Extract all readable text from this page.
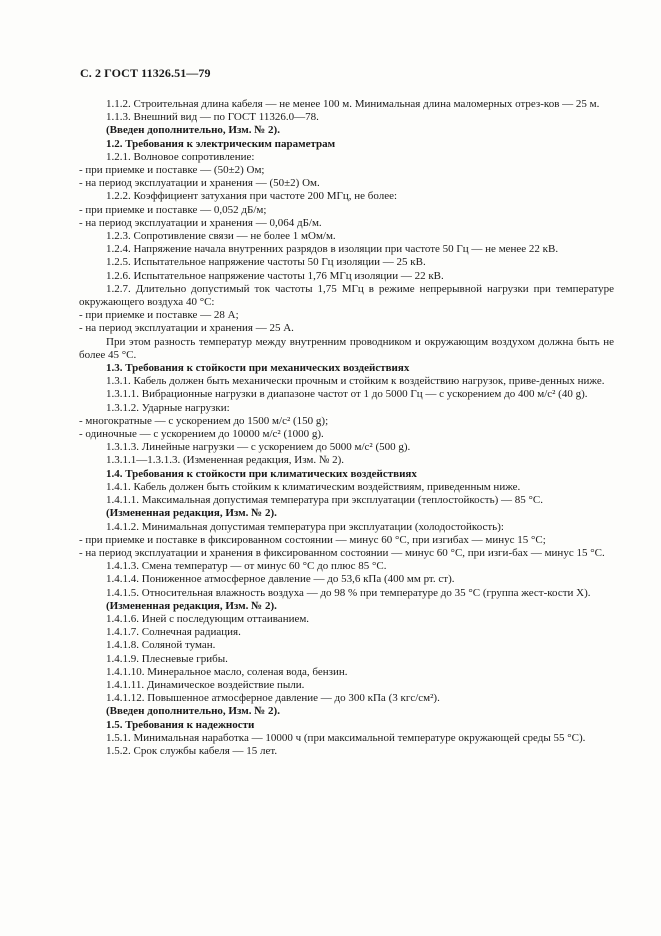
С. 2 ГОСТ 11326.51—79

1.1.2. Строительная длина кабеля — не менее 100 м. Минимальная длина маломерных отрез-ков — 25 м.

1.1.3. Внешний вид — по ГОСТ 11326.0—78.

(Введен дополнительно, Изм. № 2).

1.2. Требования к электрическим параметрам

1.2.1. Волновое сопротивление:

- при приемке и поставке — (50±2) Ом;

- на период эксплуатации и хранения — (50±2) Ом.

1.2.2. Коэффициент затухания при частоте 200 МГц, не более:

- при приемке и поставке — 0,052 дБ/м;

- на период эксплуатации и хранения — 0,064 дБ/м.

1.2.3. Сопротивление связи — не более 1 мОм/м.

1.2.4. Напряжение начала внутренних разрядов в изоляции при частоте 50 Гц — не менее 22 кВ.

1.2.5. Испытательное напряжение частоты 50 Гц изоляции — 25 кВ.

1.2.6. Испытательное напряжение частоты 1,76 МГц изоляции — 22 кВ.

1.2.7. Длительно допустимый ток частоты 1,75 МГц в режиме непрерывной нагрузки при температуре окружающего воздуха 40 °С:

- при приемке и поставке — 28 А;

- на период эксплуатации и хранения — 25 А.

При этом разность температур между внутренним проводником и окружающим воздухом должна быть не более 45 °С.

1.3. Требования к стойкости при механических воздействиях

1.3.1. Кабель должен быть механически прочным и стойким к воздействию нагрузок, приве-денных ниже.

1.3.1.1. Вибрационные нагрузки в диапазоне частот от 1 до 5000 Гц — с ускорением до 400 м/с² (40 g).

1.3.1.2. Ударные нагрузки:

- многократные — с ускорением до 1500 м/с² (150 g);

- одиночные — с ускорением до 10000 м/с² (1000 g).

1.3.1.3. Линейные нагрузки — с ускорением до 5000 м/с² (500 g).

1.3.1.1—1.3.1.3. (Измененная редакция, Изм. № 2).

1.4. Требования к стойкости при климатических воздействиях

1.4.1. Кабель должен быть стойким к климатическим воздействиям, приведенным ниже.

1.4.1.1. Максимальная допустимая температура при эксплуатации (теплостойкость) — 85 °С.

(Измененная редакция, Изм. № 2).

1.4.1.2. Минимальная допустимая температура при эксплуатации (холодостойкость):

- при приемке и поставке в фиксированном состоянии — минус 60 °С, при изгибах — минус 15 °С;

- на период эксплуатации и хранения в фиксированном состоянии — минус 60 °С, при изги-бах — минус 15 °С.

1.4.1.3. Смена температур — от минус 60 °С до плюс 85 °С.

1.4.1.4. Пониженное атмосферное давление — до 53,6 кПа (400 мм рт. ст).

1.4.1.5. Относительная влажность воздуха — до 98 % при температуре до 35 °С (группа жест-кости Х).

(Измененная редакция, Изм. № 2).

1.4.1.6. Иней с последующим оттаиванием.

1.4.1.7. Солнечная радиация.

1.4.1.8. Соляной туман.

1.4.1.9. Плесневые грибы.

1.4.1.10. Минеральное масло, соленая вода, бензин.

1.4.1.11. Динамическое воздействие пыли.

1.4.1.12. Повышенное атмосферное давление — до 300 кПа (3 кгс/см²).

(Введен дополнительно, Изм. № 2).

1.5. Требования к надежности

1.5.1. Минимальная наработка — 10000 ч (при максимальной температуре окружающей среды 55 °С).

1.5.2. Срок службы кабеля — 15 лет.
